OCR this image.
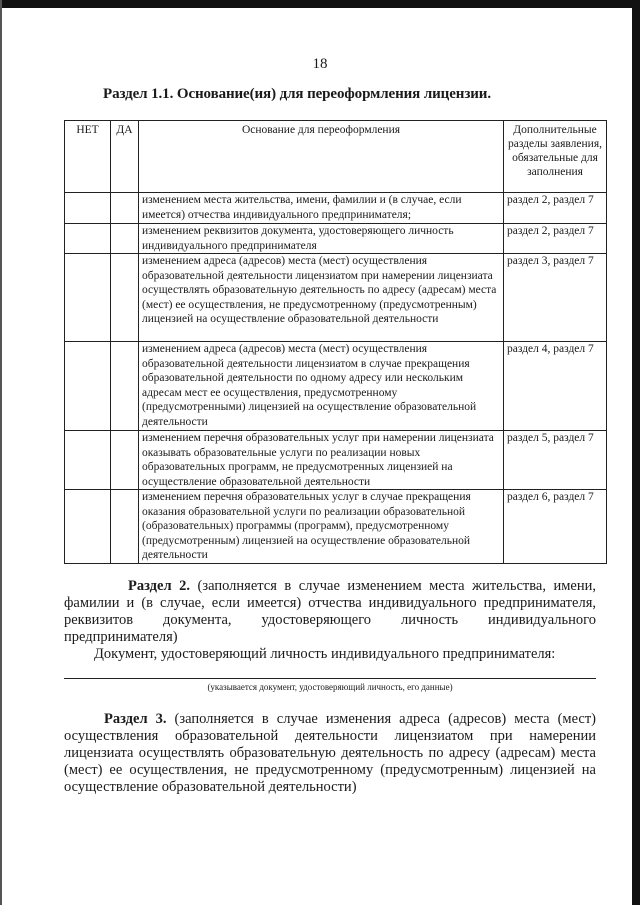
18
Раздел 1.1. Основание(ия) для переоформления лицензии.
НЕТ	ДА	Основание для переоформления	Дополнительные разделы заявления, обязательные для заполнения
		изменением места жительства, имени, фамилии и (в случае, если имеется) отчества индивидуального предпринимателя;	раздел 2, раздел 7
		изменением реквизитов документа, удостоверяющего личность индивидуального предпринимателя	раздел 2, раздел 7
		изменением адреса (адресов) места (мест) осуществления образовательной деятельности лицензиатом при намерении лицензиата осуществлять образовательную деятельность по адресу (адресам) места (мест) ее осуществления, не предусмотренному (предусмотренным) лицензией на осуществление образовательной деятельности	раздел 3, раздел 7
		изменением адреса (адресов) места (мест) осуществления образовательной деятельности лицензиатом в случае прекращения образовательной деятельности по одному адресу или нескольким адресам мест ее осуществления, предусмотренному (предусмотренными) лицензией на осуществление образовательной деятельности	раздел 4, раздел 7
		изменением перечня образовательных услуг при намерении лицензиата оказывать образовательные услуги по реализации новых образовательных программ, не предусмотренных лицензией на осуществление образовательной деятельности	раздел 5, раздел 7
		изменением перечня образовательных услуг в случае прекращения оказания образовательной услуги по реализации образовательной (образовательных) программы (программ), предусмотренному (предусмотренным) лицензией на осуществление образовательной деятельности	раздел 6, раздел 7

Раздел 2. (заполняется в случае изменением места жительства, имени, фамилии и (в случае, если имеется) отчества индивидуального предпринимателя, реквизитов документа, удостоверяющего личность индивидуального предпринимателя)

Документ, удостоверяющий личность индивидуального предпринимателя:

(указывается документ, удостоверяющий личность, его данные)

Раздел 3. (заполняется в случае изменения адреса (адресов) места (мест) осуществления образовательной деятельности лицензиатом при намерении лицензиата осуществлять образовательную деятельность по адресу (адресам) места (мест) ее осуществления, не предусмотренному (предусмотренным) лицензией на осуществление образовательной деятельности)
